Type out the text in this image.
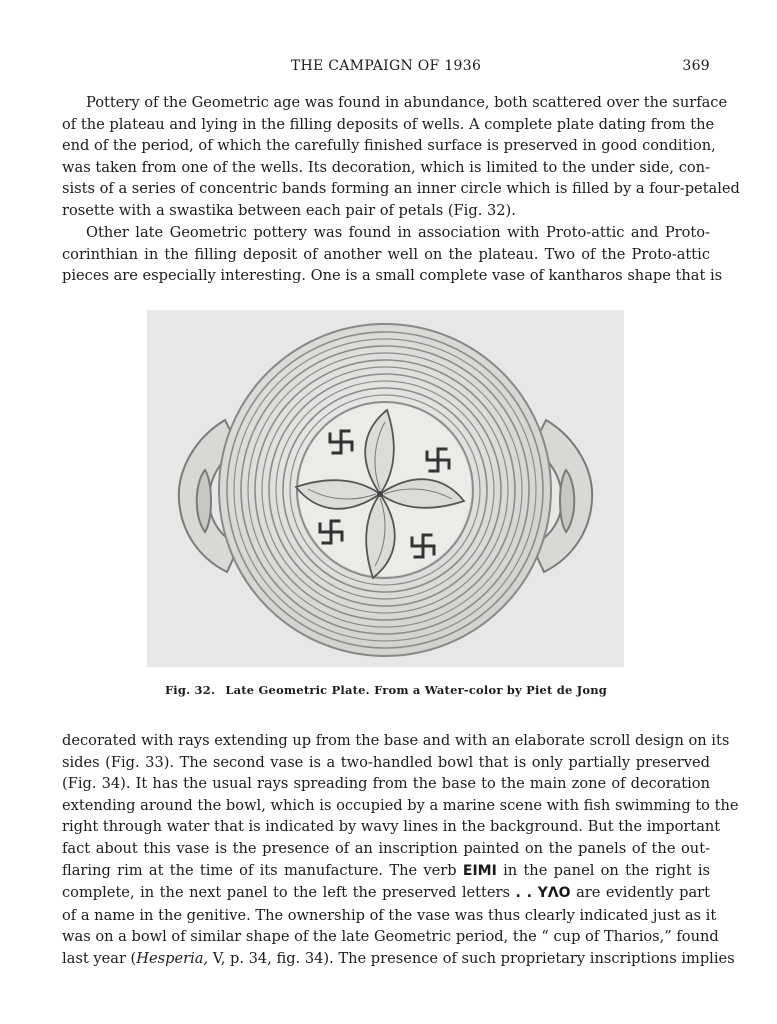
THE CAMPAIGN OF 1936	369

Pottery of the Geometric age was found in abundance, both scattered over the surface
of the plateau and lying in the filling deposits of wells. A complete plate dating from the
end of the period, of which the carefully finished surface is preserved in good condition,
was taken from one of the wells. Its decoration, which is limited to the under side, con-
sists of a series of concentric bands forming an inner circle which is filled by a four-petaled
rosette with a swastika between each pair of petals (Fig. 32).

Other late Geometric pottery was found in association with Proto-attic and Proto-
corinthian in the filling deposit of another well on the plateau. Two of the Proto-attic
pieces are especially interesting. One is a small complete vase of kantharos shape that is

Fig. 32. Late Geometric Plate. From a Water-color by Piet de Jong

decorated with rays extending up from the base and with an elaborate scroll design on its
sides (Fig. 33). The second vase is a two-handled bowl that is only partially preserved
(Fig. 34). It has the usual rays spreading from the base to the main zone of decoration
extending around the bowl, which is occupied by a marine scene with fish swimming to the
right through water that is indicated by wavy lines in the background. But the important
fact about this vase is the presence of an inscription painted on the panels of the out-
flaring rim at the time of its manufacture. The verb ΕΙΜΙ in the panel on the right is
complete, in the next panel to the left the preserved letters . . ΥΛΟ are evidently part
of a name in the genitive. The ownership of the vase was thus clearly indicated just as it
was on a bowl of similar shape of the late Geometric period, the “ cup of Tharios,” found
last year (Hesperia, V, p. 34, fig. 34). The presence of such proprietary inscriptions implies
